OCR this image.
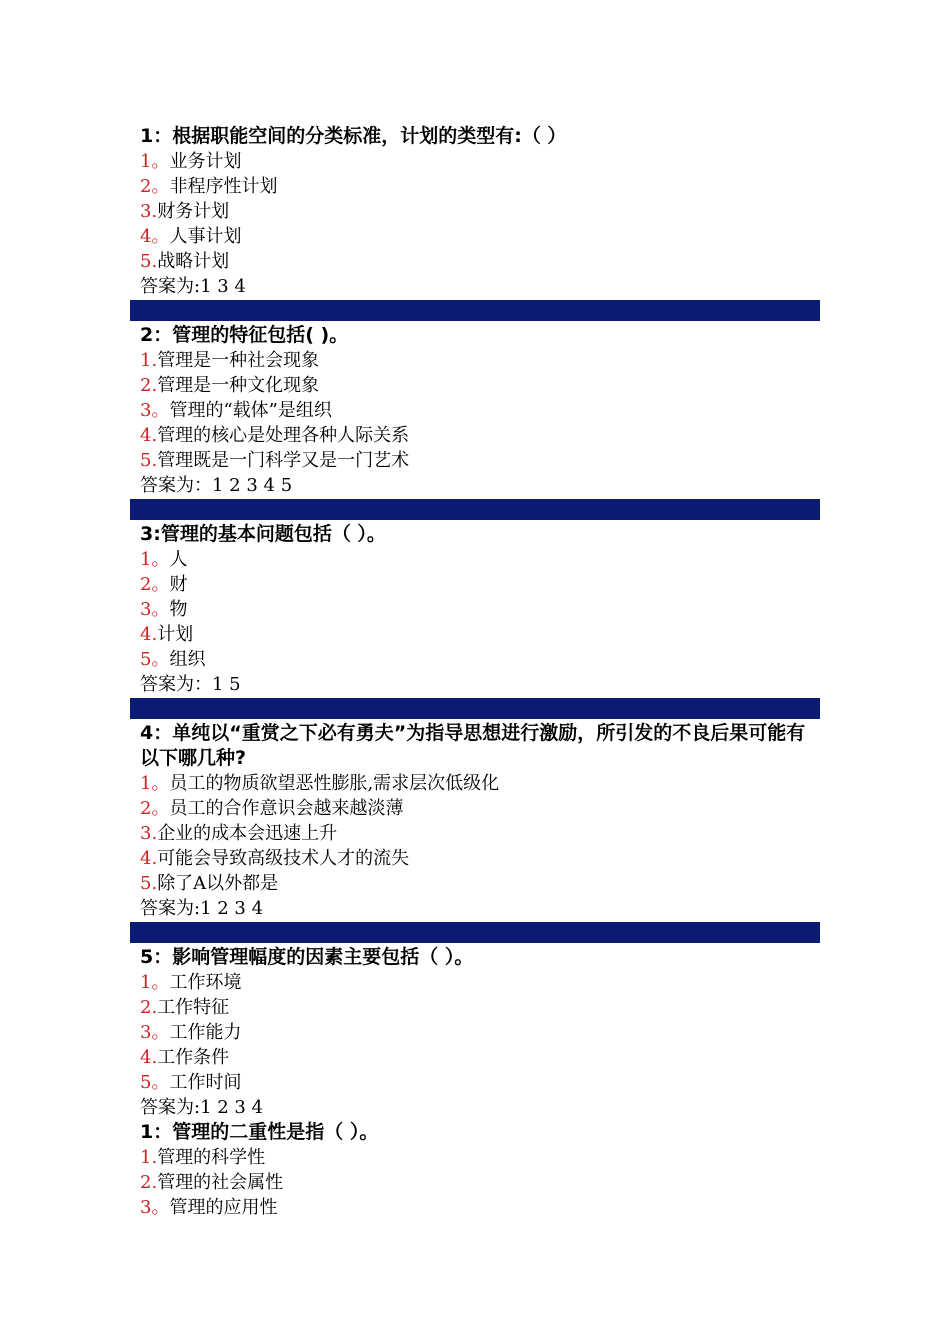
1：根据职能空间的分类标准，计划的类型有:（ ）
1。业务计划
2。非程序性计划
3.财务计划
4。人事计划
5.战略计划
答案为:1 3 4
2：管理的特征包括( )。
1.管理是一种社会现象
2.管理是一种文化现象
3。管理的“载体”是组织
4.管理的核心是处理各种人际关系
5.管理既是一门科学又是一门艺术
答案为：1 2 3 4 5
3:管理的基本问题包括（ ）。
1。人
2。财
3。物
4.计划
5。组织
答案为：1 5
4：单纯以“重赏之下必有勇夫”为指导思想进行激励，所引发的不良后果可能有以下哪几种?
1。员工的物质欲望恶性膨胀,需求层次低级化
2。员工的合作意识会越来越淡薄
3.企业的成本会迅速上升
4.可能会导致高级技术人才的流失
5.除了A以外都是
答案为:1 2 3 4
5：影响管理幅度的因素主要包括（ ）。
1。工作环境
2.工作特征
3。工作能力
4.工作条件
5。工作时间
答案为:1 2 3 4
1：管理的二重性是指（ ）。
1.管理的科学性
2.管理的社会属性
3。管理的应用性
